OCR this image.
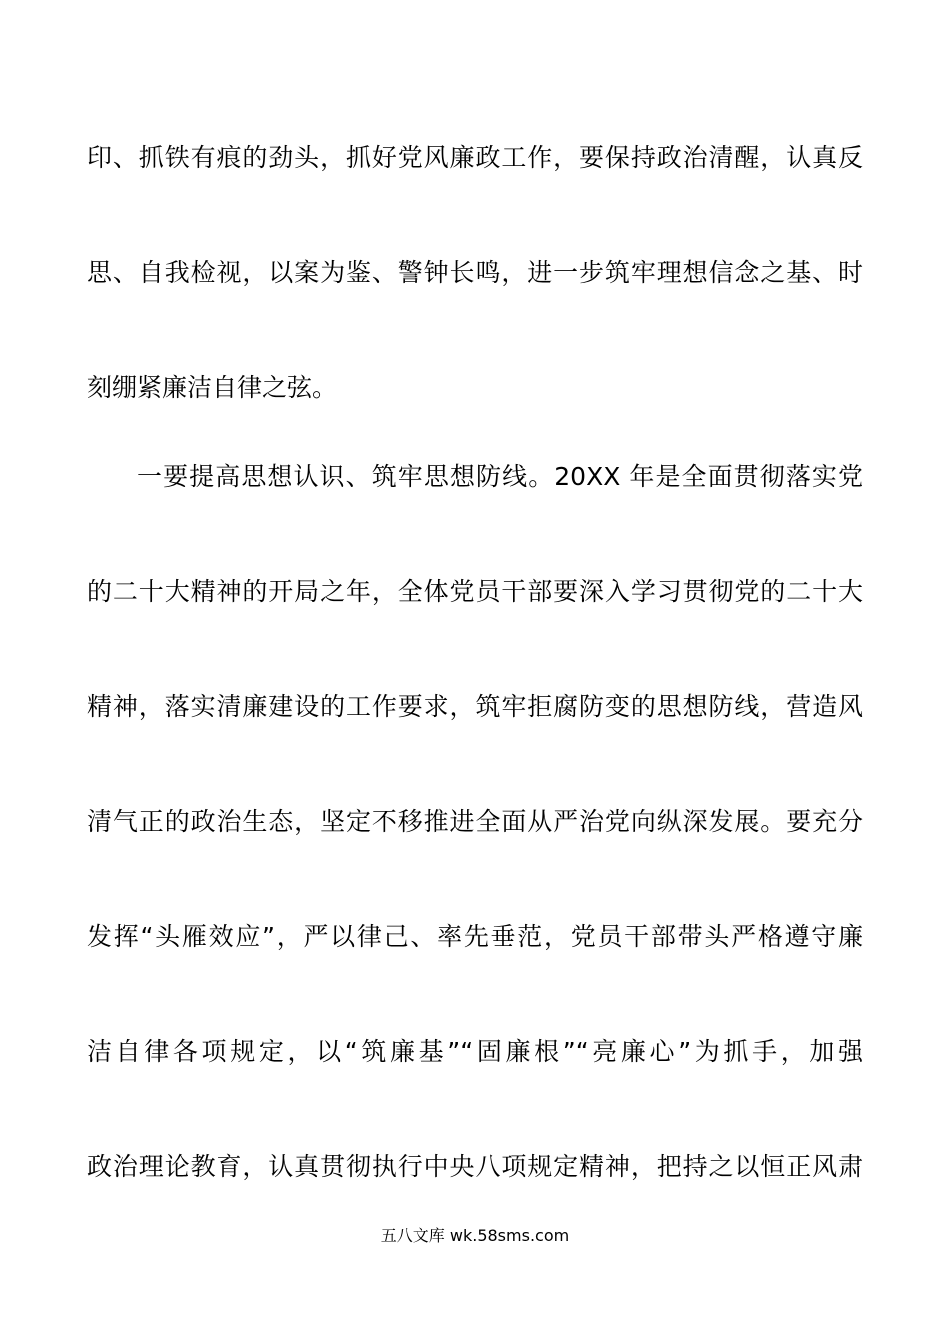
印、抓铁有痕的劲头，抓好党风廉政工作，要保持政治清醒，认真反
思、自我检视，以案为鉴、警钟长鸣，进一步筑牢理想信念之基、时
刻绷紧廉洁自律之弦。
一要提高思想认识、筑牢思想防线。20XX 年是全面贯彻落实党
的二十大精神的开局之年，全体党员干部要深入学习贯彻党的二十大
精神，落实清廉建设的工作要求，筑牢拒腐防变的思想防线，营造风
清气正的政治生态，坚定不移推进全面从严治党向纵深发展。要充分
发挥“头雁效应”，严以律己、率先垂范，党员干部带头严格遵守廉
洁自律各项规定，以“筑廉基”“固廉根”“亮廉心”为抓手，加强
政治理论教育，认真贯彻执行中央八项规定精神，把持之以恒正风肃
五八文库 wk.58sms.com
